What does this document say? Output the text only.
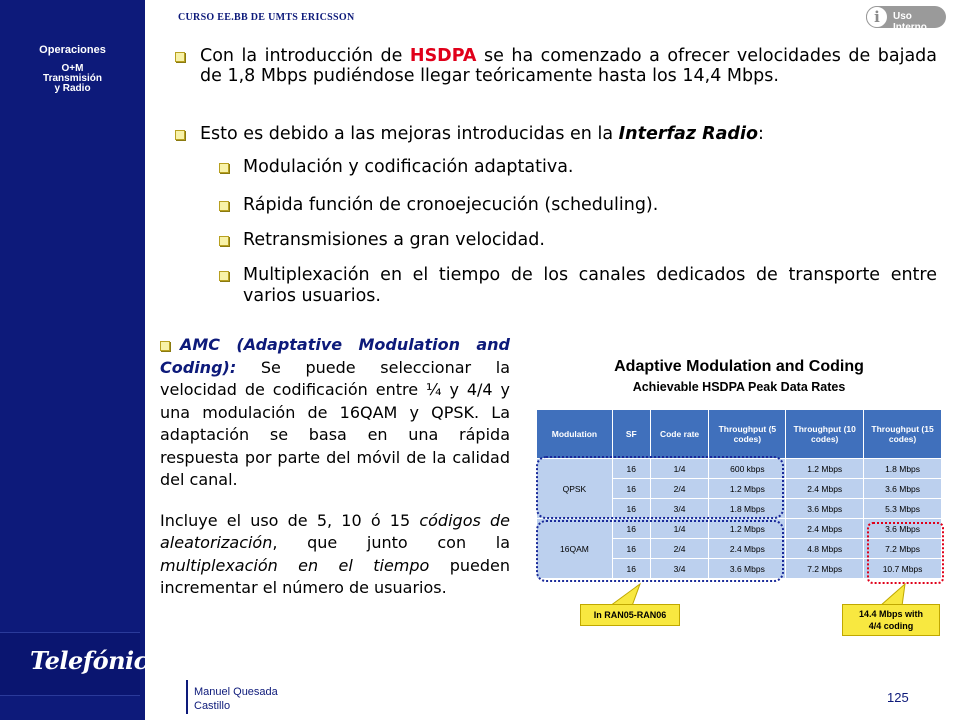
Operaciones
O+M
Transmisión
y Radio
Telefónica
CURSO EE.BB DE UMTS ERICSSON	i	Uso Interno
Con la introducción de HSDPA se ha comenzado a ofrecer velocidades de bajada de 1,8 Mbps pudiéndose llegar teóricamente hasta los 14,4 Mbps.
Esto es debido a las mejoras introducidas en la Interfaz Radio:
Modulación y codificación adaptativa.
Rápida función de cronoejecución (scheduling).
Retransmisiones a gran velocidad.
Multiplexación en el tiempo de los canales dedicados de transporte entre varios usuarios.

AMC (Adaptative Modulation and Coding): Se puede seleccionar la velocidad de codificación entre ¼ y 4/4 y una modulación de 16QAM y QPSK. La adaptación se basa en una rápida respuesta por parte del móvil de la calidad del canal.

Incluye el uso de 5, 10 ó 15 códigos de aleatorización, que junto con la multiplexación en el tiempo pueden incrementar el número de usuarios.

Adaptive Modulation and Coding
Achievable HSDPA Peak Data Rates
Modulation	SF	Code rate	Throughput (5 codes)	Throughput (10 codes)	Throughput (15 codes)
QPSK	16	1/4	600 kbps	1.2 Mbps	1.8 Mbps
	16	2/4	1.2 Mbps	2.4 Mbps	3.6 Mbps
	16	3/4	1.8 Mbps	3.6 Mbps	5.3 Mbps
16QAM	16	1/4	1.2 Mbps	2.4 Mbps	3.6 Mbps
	16	2/4	2.4 Mbps	4.8 Mbps	7.2 Mbps
	16	3/4	3.6 Mbps	7.2 Mbps	10.7 Mbps
In RAN05-RAN06	14.4 Mbps with
4/4 coding
Manuel Quesada
Castillo
125
